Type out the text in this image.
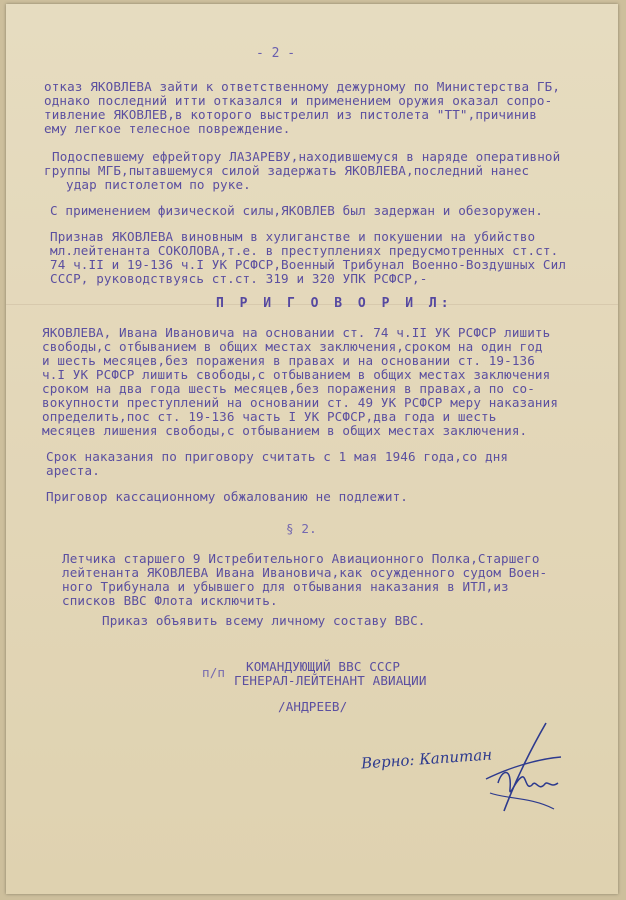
- 2 -
отказ ЯКОВЛЕВА зайти к ответственному дежурному по Министерства ГБ,
однако последний итти отказался и применением оружия оказал сопро-
тивление ЯКОВЛЕВ,в которого выстрелил из пистолета "ТТ",причинив
ему легкое телесное повреждение.
Подоспевшему ефрейтору ЛАЗАРЕВУ,находившемуся в наряде оперативной
группы МГБ,пытавшемуся силой задержать ЯКОВЛЕВА,последний нанес
удар пистолетом по руке.
С применением физической силы,ЯКОВЛЕВ был задержан и обезоружен.
Признав ЯКОВЛЕВА виновным в хулиганстве и покушении на убийство
мл.лейтенанта СОКОЛОВА,т.е. в преступлениях предусмотренных ст.ст.
74 ч.II и 19-136 ч.I УК РСФСР,Военный Трибунал Военно-Воздушных Сил
СССР, руководствуясь ст.ст. 319 и 320 УПК РСФСР,-
П Р И Г О В О Р И Л:
ЯКОВЛЕВА, Ивана Ивановича на основании ст. 74 ч.II УК РСФСР лишить
свободы,с отбыванием в общих местах заключения,сроком на один год
и шесть месяцев,без поражения в правах и на основании ст. 19-136
ч.I УК РСФСР лишить свободы,с отбыванием в общих местах заключения
сроком на два года шесть месяцев,без поражения в правах,а по со-
вокупности преступлений на основании ст. 49 УК РСФСР меру наказания
определить,пос ст. 19-136 часть I УК РСФСР,два года и шесть
месяцев лишения свободы,с отбыванием в общих местах заключения.
Срок наказания по приговору считать с 1 мая 1946 года,со дня
ареста.
Приговор кассационному обжалованию не подлежит.
§ 2.
Летчика старшего 9 Истребительного Авиационного Полка,Старшего
лейтенанта ЯКОВЛЕВА Ивана Ивановича,как осужденного судом Воен-
ного Трибунала и убывшего для отбывания наказания в ИТЛ,из
списков ВВС Флота исключить.
Приказ объявить всему личному составу ВВС.
п/п КОМАНДУЮЩИЙ ВВС СССР
ГЕНЕРАЛ-ЛЕЙТЕНАНТ АВИАЦИИ
/АНДРЕЕВ/
Верно: Капитан
